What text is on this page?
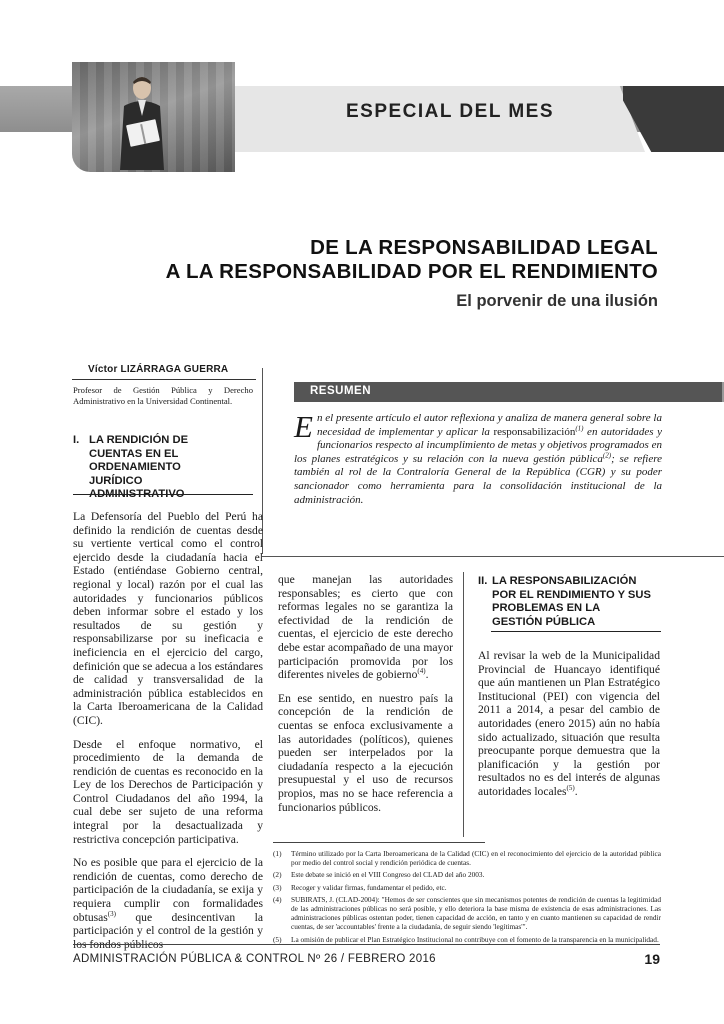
ESPECIAL DEL MES
DE LA RESPONSABILIDAD LEGAL
A LA RESPONSABILIDAD POR EL RENDIMIENTO
El porvenir de una ilusión
Víctor LIZÁRRAGA GUERRA
Profesor de Gestión Pública y Derecho Administrativo en la Universidad Continental.
I. LA RENDICIÓN DE CUENTAS EN EL ORDENAMIENTO JURÍDICO ADMINISTRATIVO
RESUMEN
En el presente artículo el autor reflexiona y analiza de manera general sobre la necesidad de implementar y aplicar la responsabilización$^{(1)}$ en autoridades y funcionarios respecto al incumplimiento de metas y objetivos programados en los planes estratégicos y su relación con la nueva gestión pública$^{(2)}$; se refiere también al rol de la Contraloría General de la República (CGR) y su poder sancionador como herramienta para la consolidación institucional de la administración.

La Defensoría del Pueblo del Perú ha definido la rendición de cuentas desde su vertiente vertical como el control ejercido desde la ciudadanía hacia el Estado (entiéndase Gobierno central, regional y local) razón por el cual las autoridades y funcionarios públicos deben informar sobre el estado y los resultados de su gestión y responsabilizarse por su ineficacia e ineficiencia en el ejercicio del cargo, definición que se adecua a los estándares de calidad y transversalidad de la administración pública establecidos en la Carta Iberoamericana de la Calidad (CIC).

Desde el enfoque normativo, el procedimiento de la demanda de rendición de cuentas es reconocido en la Ley de los Derechos de Participación y Control Ciudadanos del año 1994, la cual debe ser sujeto de una reforma integral por la desactualizada y restrictiva concepción participativa.

No es posible que para el ejercicio de la rendición de cuentas, como derecho de participación de la ciudadanía, se exija y requiera cumplir con formalidades obtusas$^{(3)}$ que desincentivan la participación y el control de la gestión y los fondos públicos

que manejan las autoridades responsables; es cierto que con reformas legales no se garantiza la efectividad de la rendición de cuentas, el ejercicio de este derecho debe estar acompañado de una mayor participación promovida por los diferentes niveles de gobierno$^{(4)}$.

En ese sentido, en nuestro país la concepción de la rendición de cuentas se enfoca exclusivamente a las autoridades (políticos), quienes pueden ser interpelados por la ciudadanía respecto a la ejecución presupuestal y el uso de recursos propios, mas no se hace referencia a funcionarios públicos.

II. LA RESPONSABILIZACIÓN POR EL RENDIMIENTO Y SUS PROBLEMAS EN LA GESTIÓN PÚBLICA

Al revisar la web de la Municipalidad Provincial de Huancayo identifiqué que aún mantienen un Plan Estratégico Institucional (PEI) con vigencia del 2011 a 2014, a pesar del cambio de autoridades (enero 2015) aún no había sido actualizado, situación que resulta preocupante porque demuestra que la planificación y la gestión por resultados no es del interés de algunas autoridades locales$^{(5)}$.

(1)	Término utilizado por la Carta Iberoamericana de la Calidad (CIC) en el reconocimiento del ejercicio de la autoridad pública por medio del control social y rendición periódica de cuentas.
(2)	Este debate se inició en el VIII Congreso del CLAD del año 2003.
(3)	Recoger y validar firmas, fundamentar el pedido, etc.
(4)	SUBIRATS, J. (CLAD-2004): "Hemos de ser conscientes que sin mecanismos potentes de rendición de cuentas la legitimidad de las administraciones públicas no será posible, y ello deteriora la base misma de existencia de esas administraciones. Las administraciones públicas ostentan poder, tienen capacidad de acción, en tanto y en cuanto mantienen su capacidad de rendir cuentas, de ser 'accountables' frente a la ciudadanía, de seguir siendo 'legítimas'".
(5)	La omisión de publicar el Plan Estratégico Institucional no contribuye con el fomento de la transparencia en la municipalidad.
ADMINISTRACIÓN PÚBLICA & CONTROL Nº 26 / FEBRERO 2016	19
